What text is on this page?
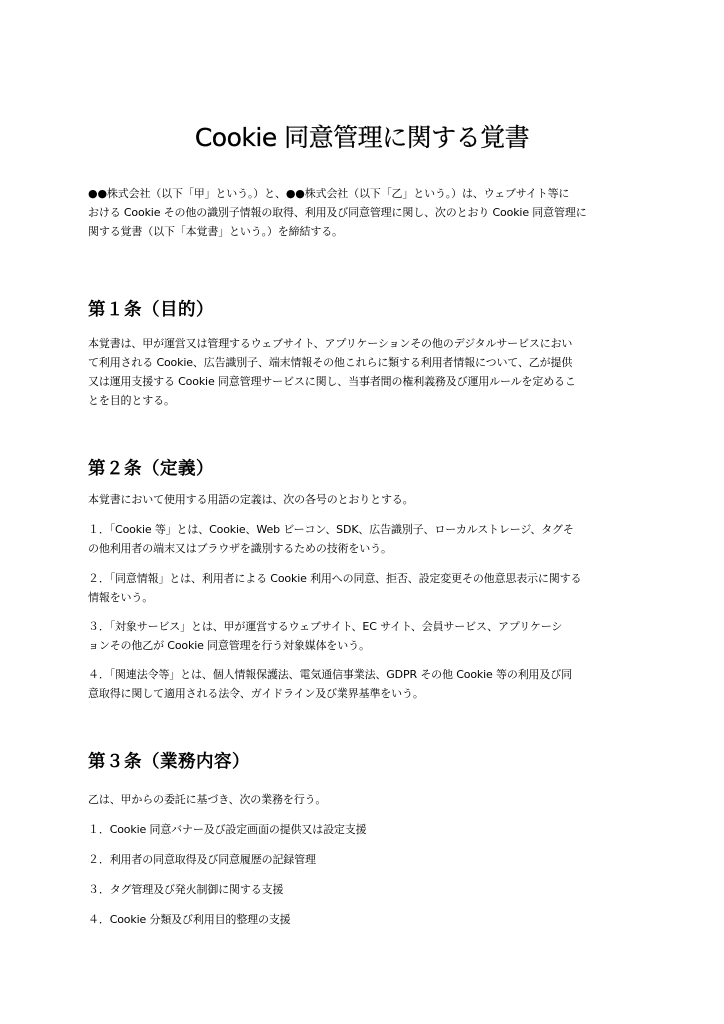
Cookie 同意管理に関する覚書
●●株式会社（以下「甲」という。）と、●●株式会社（以下「乙」という。）は、ウェブサイト等に
おける Cookie その他の識別子情報の取得、利用及び同意管理に関し、次のとおり Cookie 同意管理に
関する覚書（以下「本覚書」という。）を締結する。
第１条（目的）
本覚書は、甲が運営又は管理するウェブサイト、アプリケーションその他のデジタルサービスにおい
て利用される Cookie、広告識別子、端末情報その他これらに類する利用者情報について、乙が提供
又は運用支援する Cookie 同意管理サービスに関し、当事者間の権利義務及び運用ルールを定めるこ
とを目的とする。
第２条（定義）
本覚書において使用する用語の定義は、次の各号のとおりとする。
１．「Cookie 等」とは、Cookie、Web ビーコン、SDK、広告識別子、ローカルストレージ、タグそ
の他利用者の端末又はブラウザを識別するための技術をいう。
２．「同意情報」とは、利用者による Cookie 利用への同意、拒否、設定変更その他意思表示に関する
情報をいう。
３．「対象サービス」とは、甲が運営するウェブサイト、EC サイト、会員サービス、アプリケーシ
ョンその他乙が Cookie 同意管理を行う対象媒体をいう。
４．「関連法令等」とは、個人情報保護法、電気通信事業法、GDPR その他 Cookie 等の利用及び同
意取得に関して適用される法令、ガイドライン及び業界基準をいう。
第３条（業務内容）
乙は、甲からの委託に基づき、次の業務を行う。
１．Cookie 同意バナー及び設定画面の提供又は設定支援
２．利用者の同意取得及び同意履歴の記録管理
３．タグ管理及び発火制御に関する支援
４．Cookie 分類及び利用目的整理の支援
